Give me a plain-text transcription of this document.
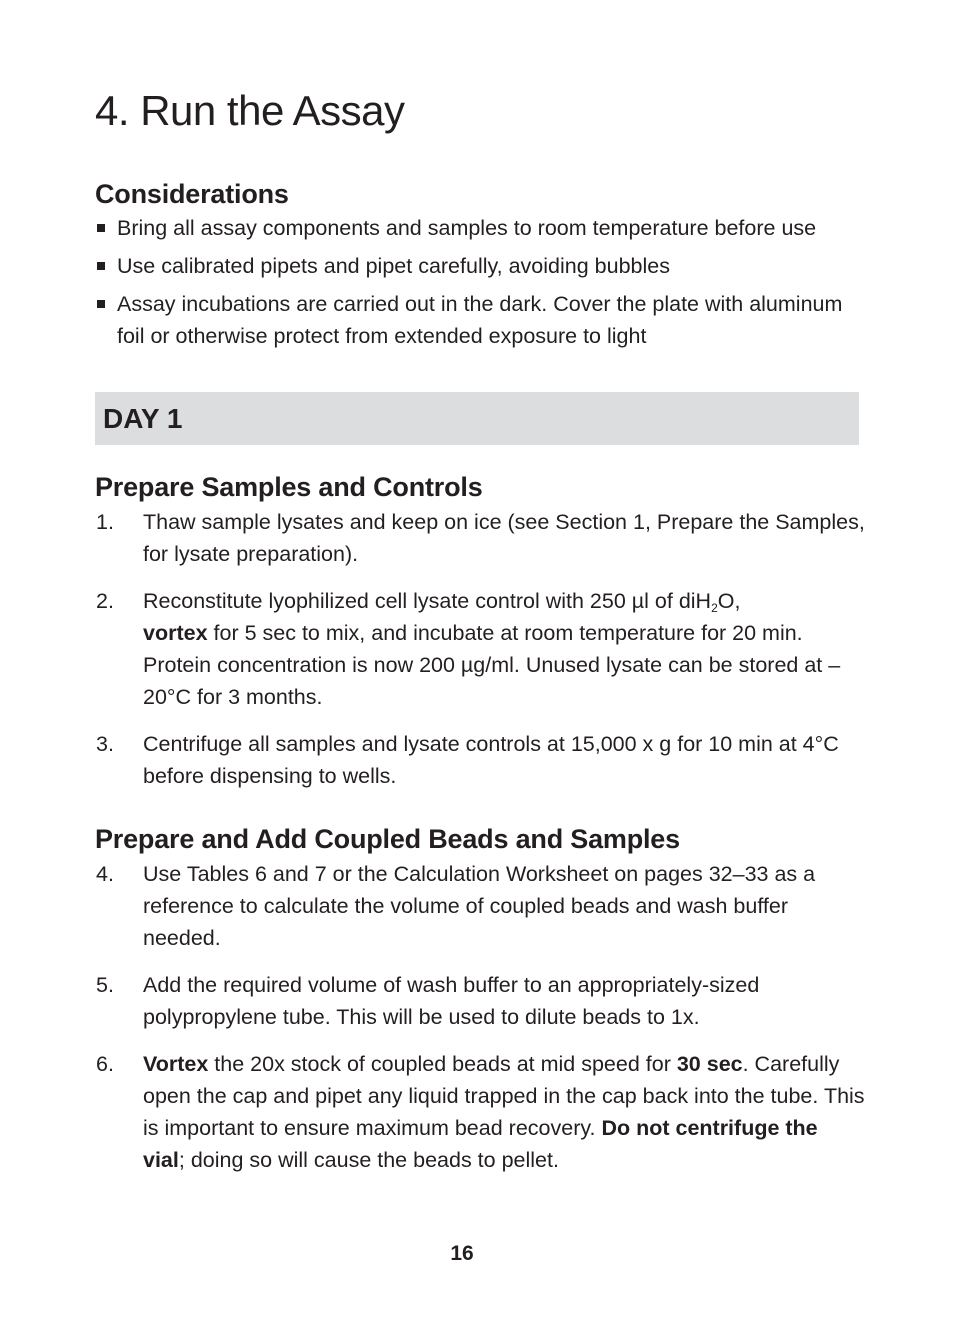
4. Run the Assay
Considerations
Bring all assay components and samples to room temperature before use
Use calibrated pipets and pipet carefully, avoiding bubbles
Assay incubations are carried out in the dark. Cover the plate with aluminum foil or otherwise protect from extended exposure to light
DAY 1
Prepare Samples and Controls
1. Thaw sample lysates and keep on ice (see Section 1, Prepare the Samples, for lysate preparation).
2. Reconstitute lyophilized cell lysate control with 250 µl of diH$_2$O,
vortex for 5 sec to mix, and incubate at room temperature for 20 min. Protein concentration is now 200 µg/ml. Unused lysate can be stored at –20°C for 3 months.
3. Centrifuge all samples and lysate controls at 15,000 x g for 10 min at 4°C before dispensing to wells.
Prepare and Add Coupled Beads and Samples
4. Use Tables 6 and 7 or the Calculation Worksheet on pages 32–33 as a reference to calculate the volume of coupled beads and wash buffer needed.
5. Add the required volume of wash buffer to an appropriately-sized polypropylene tube. This will be used to dilute beads to 1x.
6. Vortex the 20x stock of coupled beads at mid speed for 30 sec. Carefully open the cap and pipet any liquid trapped in the cap back into the tube. This is important to ensure maximum bead recovery. Do not centrifuge the vial; doing so will cause the beads to pellet.
16
